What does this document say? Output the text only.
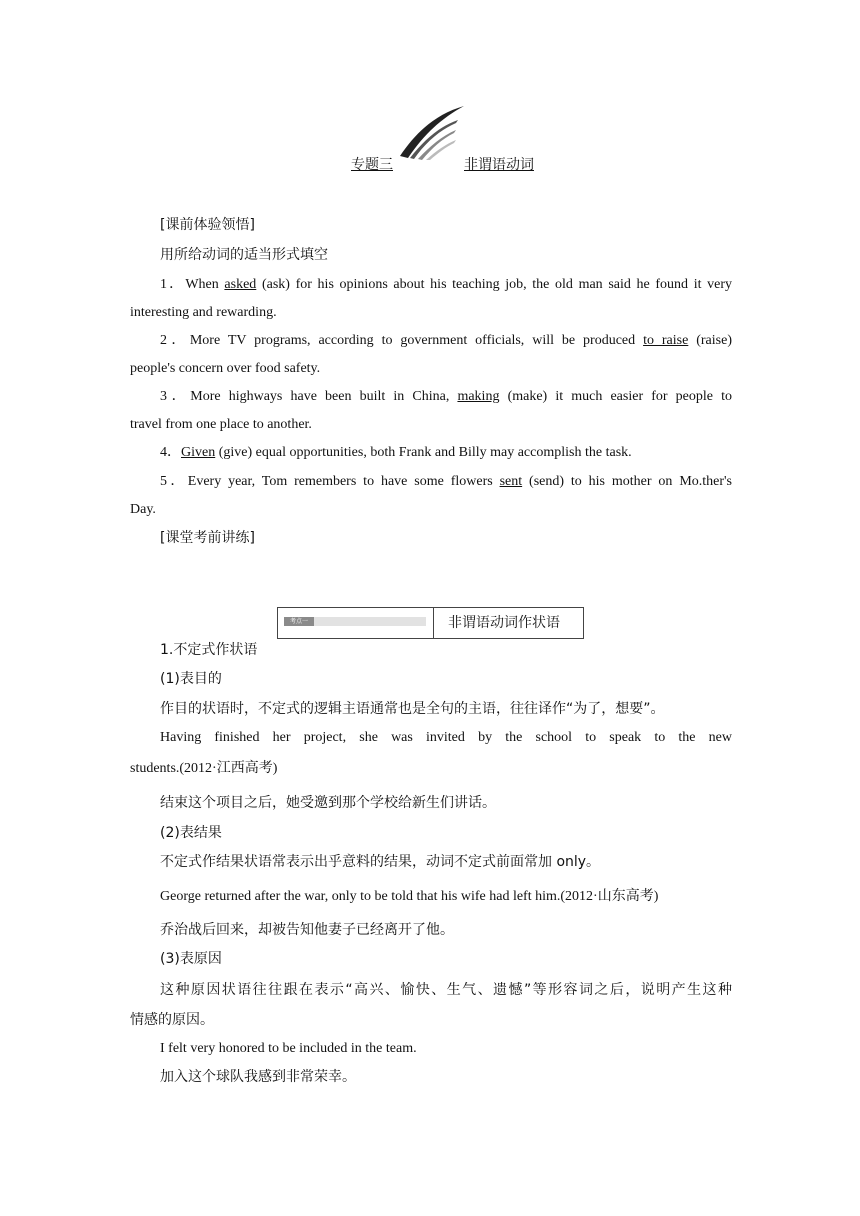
专题三	非谓语动词
[课前体验领悟]
用所给动词的适当形式填空
1．When asked (ask) for his opinions about his teaching job, the old man said he found it very
interesting and rewarding.
2．More TV programs, according to government officials, will be produced to raise (raise)
people's concern over food safety.
3．More highways have been built in China, making (make) it much easier for people to
travel from one place to another.
4．Given (give) equal opportunities, both Frank and Billy may accomplish the task.
5．Every year, Tom remembers to have some flowers sent (send) to his mother on Mo.ther's
Day.
[课堂考前讲练]
考点一	非谓语动词作状语
1.不定式作状语
(1)表目的
作目的状语时，不定式的逻辑主语通常也是全句的主语，往往译作“为了，想要”。
Having finished her project, she was invited by the school to speak to the new
students.(2012·江西高考)
结束这个项目之后，她受邀到那个学校给新生们讲话。
(2)表结果
不定式作结果状语常表示出乎意料的结果，动词不定式前面常加 only。
George returned after the war, only to be told that his wife had left him.(2012·山东高考)
乔治战后回来，却被告知他妻子已经离开了他。
(3)表原因
这种原因状语往往跟在表示“高兴、愉快、生气、遗憾”等形容词之后，说明产生这种
情感的原因。
I felt very honored to be included in the team.
加入这个球队我感到非常荣幸。
